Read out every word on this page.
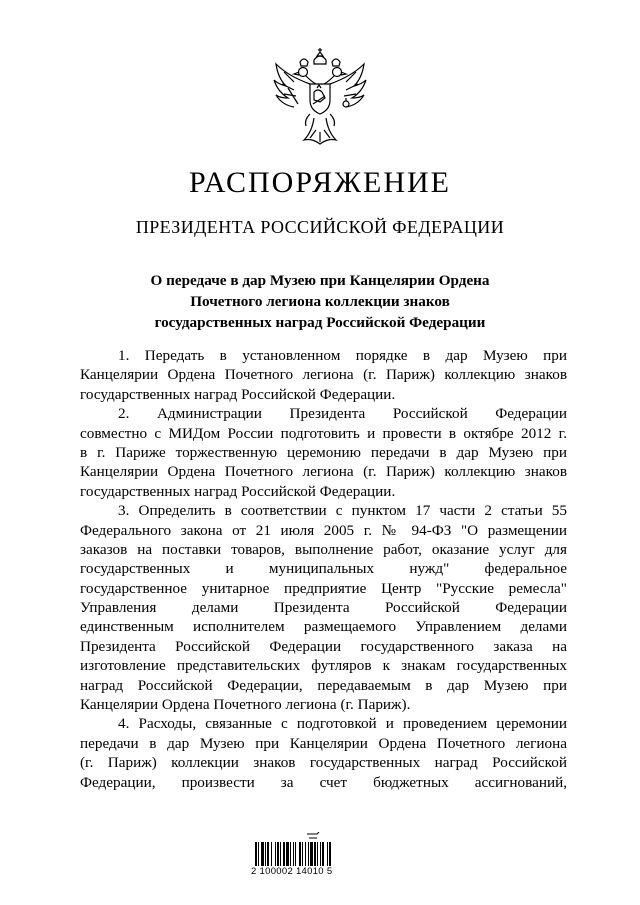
РАСПОРЯЖЕНИЕ
ПРЕЗИДЕНТА РОССИЙСКОЙ ФЕДЕРАЦИИ
О передаче в дар Музею при Канцелярии Ордена
Почетного легиона коллекции знаков
государственных наград Российской Федерации
1. Передать в установленном порядке в дар Музею при
Канцелярии Ордена Почетного легиона (г. Париж) коллекцию знаков
государственных наград Российской Федерации.
2. Администрации Президента Российской Федерации
совместно с МИДом России подготовить и провести в октябре 2012 г.
в г. Париже торжественную церемонию передачи в дар Музею при
Канцелярии Ордена Почетного легиона (г. Париж) коллекцию знаков
государственных наград Российской Федерации.
3. Определить в соответствии с пунктом 17 части 2 статьи 55
Федерального закона от 21 июля 2005 г. № 94-ФЗ "О размещении
заказов на поставки товаров, выполнение работ, оказание услуг для
государственных и муниципальных нужд" федеральное
государственное унитарное предприятие Центр "Русские ремесла"
Управления делами Президента Российской Федерации
единственным исполнителем размещаемого Управлением делами
Президента Российской Федерации государственного заказа на
изготовление представительских футляров к знакам государственных
наград Российской Федерации, передаваемым в дар Музею при
Канцелярии Ордена Почетного легиона (г. Париж).
4. Расходы, связанные с подготовкой и проведением церемонии
передачи в дар Музею при Канцелярии Ордена Почетного легиона
(г. Париж) коллекции знаков государственных наград Российской
Федерации, произвести за счет бюджетных ассигнований,
2 100002 14010 5
